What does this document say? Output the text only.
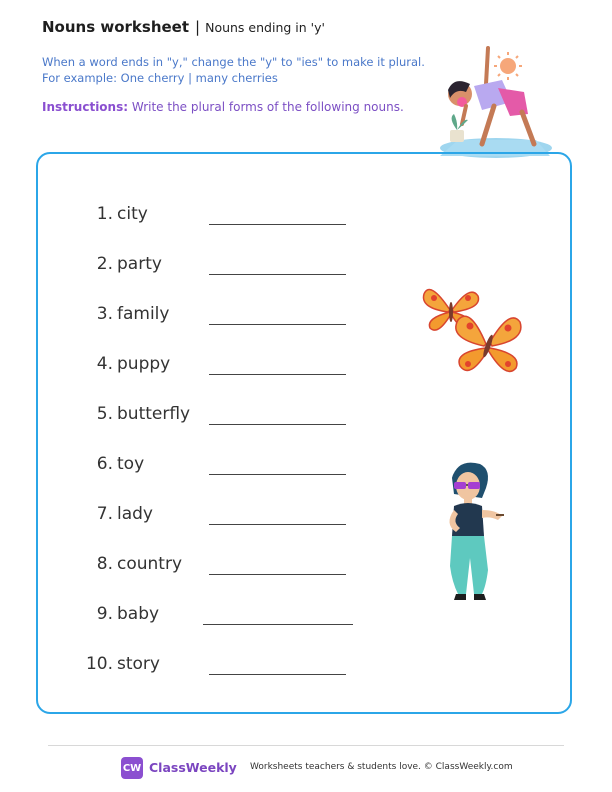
Nouns worksheet | Nouns ending in 'y'
When a word ends in "y," change the "y" to "ies" to make it plural.
For example: One cherry | many cherries
Instructions: Write the plural forms of the following nouns.
1. city
2. party
3. family
4. puppy
5. butterfly
6. toy
7. lady
8. country
9. baby
10. story
CW ClassWeekly Worksheets teachers & students love. © ClassWeekly.com
